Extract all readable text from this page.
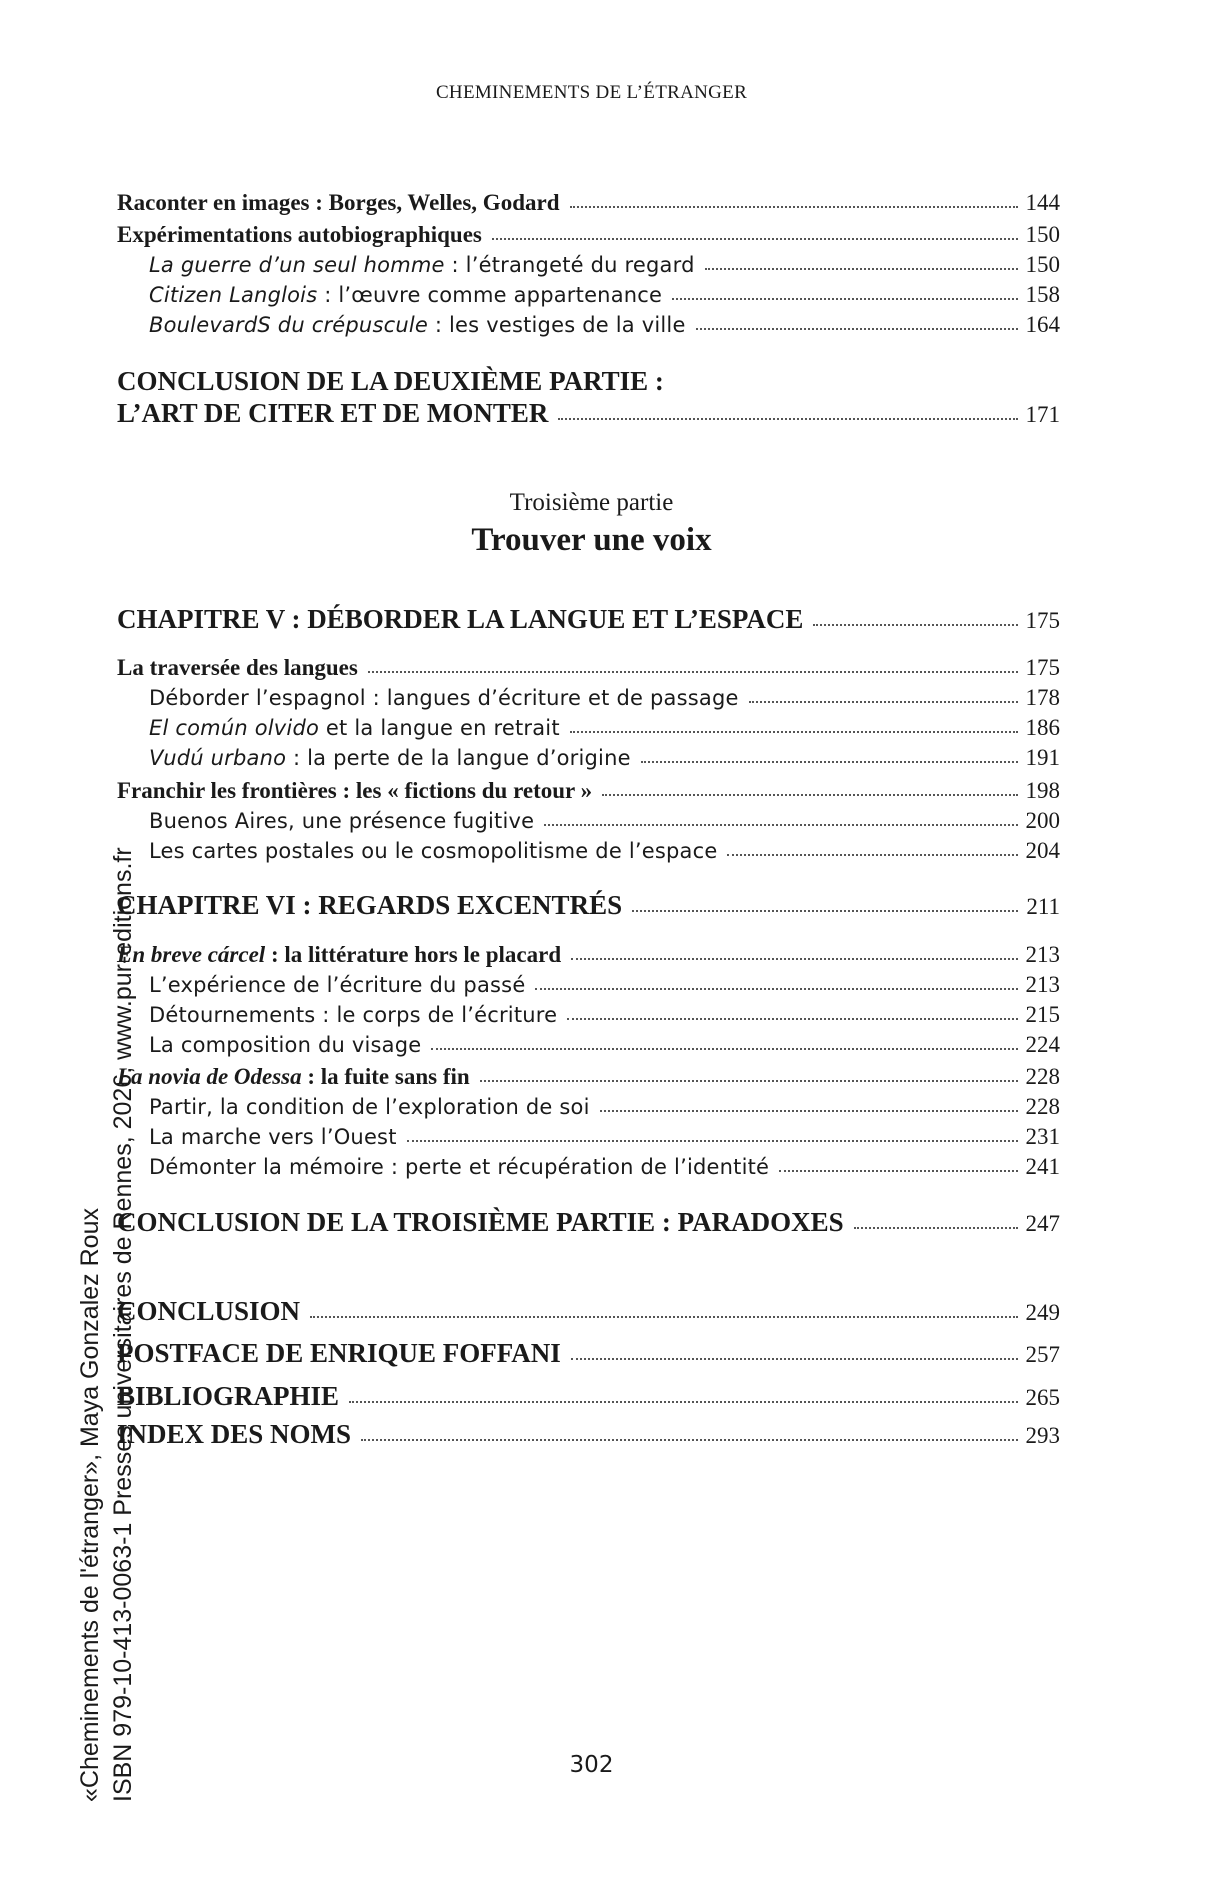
CHEMINEMENTS DE L’ÉTRANGER
«Cheminements de l'étranger», Maya Gonzalez Roux ISBN 979-10-413-0063-1 Presses universitaires de Rennes, 2026, www.pur-editions.fr
Raconter en images : Borges, Welles, Godard	144
Expérimentations autobiographiques	150
La guerre d’un seul homme : l’étrangeté du regard	150
Citizen Langlois : l’œuvre comme appartenance	158
BoulevardS du crépuscule : les vestiges de la ville	164
CONCLUSION DE LA DEUXIÈME PARTIE :
L’ART DE CITER ET DE MONTER	171
Troisième partie
Trouver une voix
CHAPITRE V : DÉBORDER LA LANGUE ET L’ESPACE	175
La traversée des langues	175
Déborder l’espagnol : langues d’écriture et de passage	178
El común olvido et la langue en retrait	186
Vudú urbano : la perte de la langue d’origine	191
Franchir les frontières : les « fictions du retour »	198
Buenos Aires, une présence fugitive	200
Les cartes postales ou le cosmopolitisme de l’espace	204
CHAPITRE VI : REGARDS EXCENTRÉS	211
En breve cárcel : la littérature hors le placard	213
L’expérience de l’écriture du passé	213
Détournements : le corps de l’écriture	215
La composition du visage	224
La novia de Odessa : la fuite sans fin	228
Partir, la condition de l’exploration de soi	228
La marche vers l’Ouest	231
Démonter la mémoire : perte et récupération de l’identité	241
CONCLUSION DE LA TROISIÈME PARTIE : PARADOXES	247
CONCLUSION	249
POSTFACE DE ENRIQUE FOFFANI	257
BIBLIOGRAPHIE	265
INDEX DES NOMS	293
302
